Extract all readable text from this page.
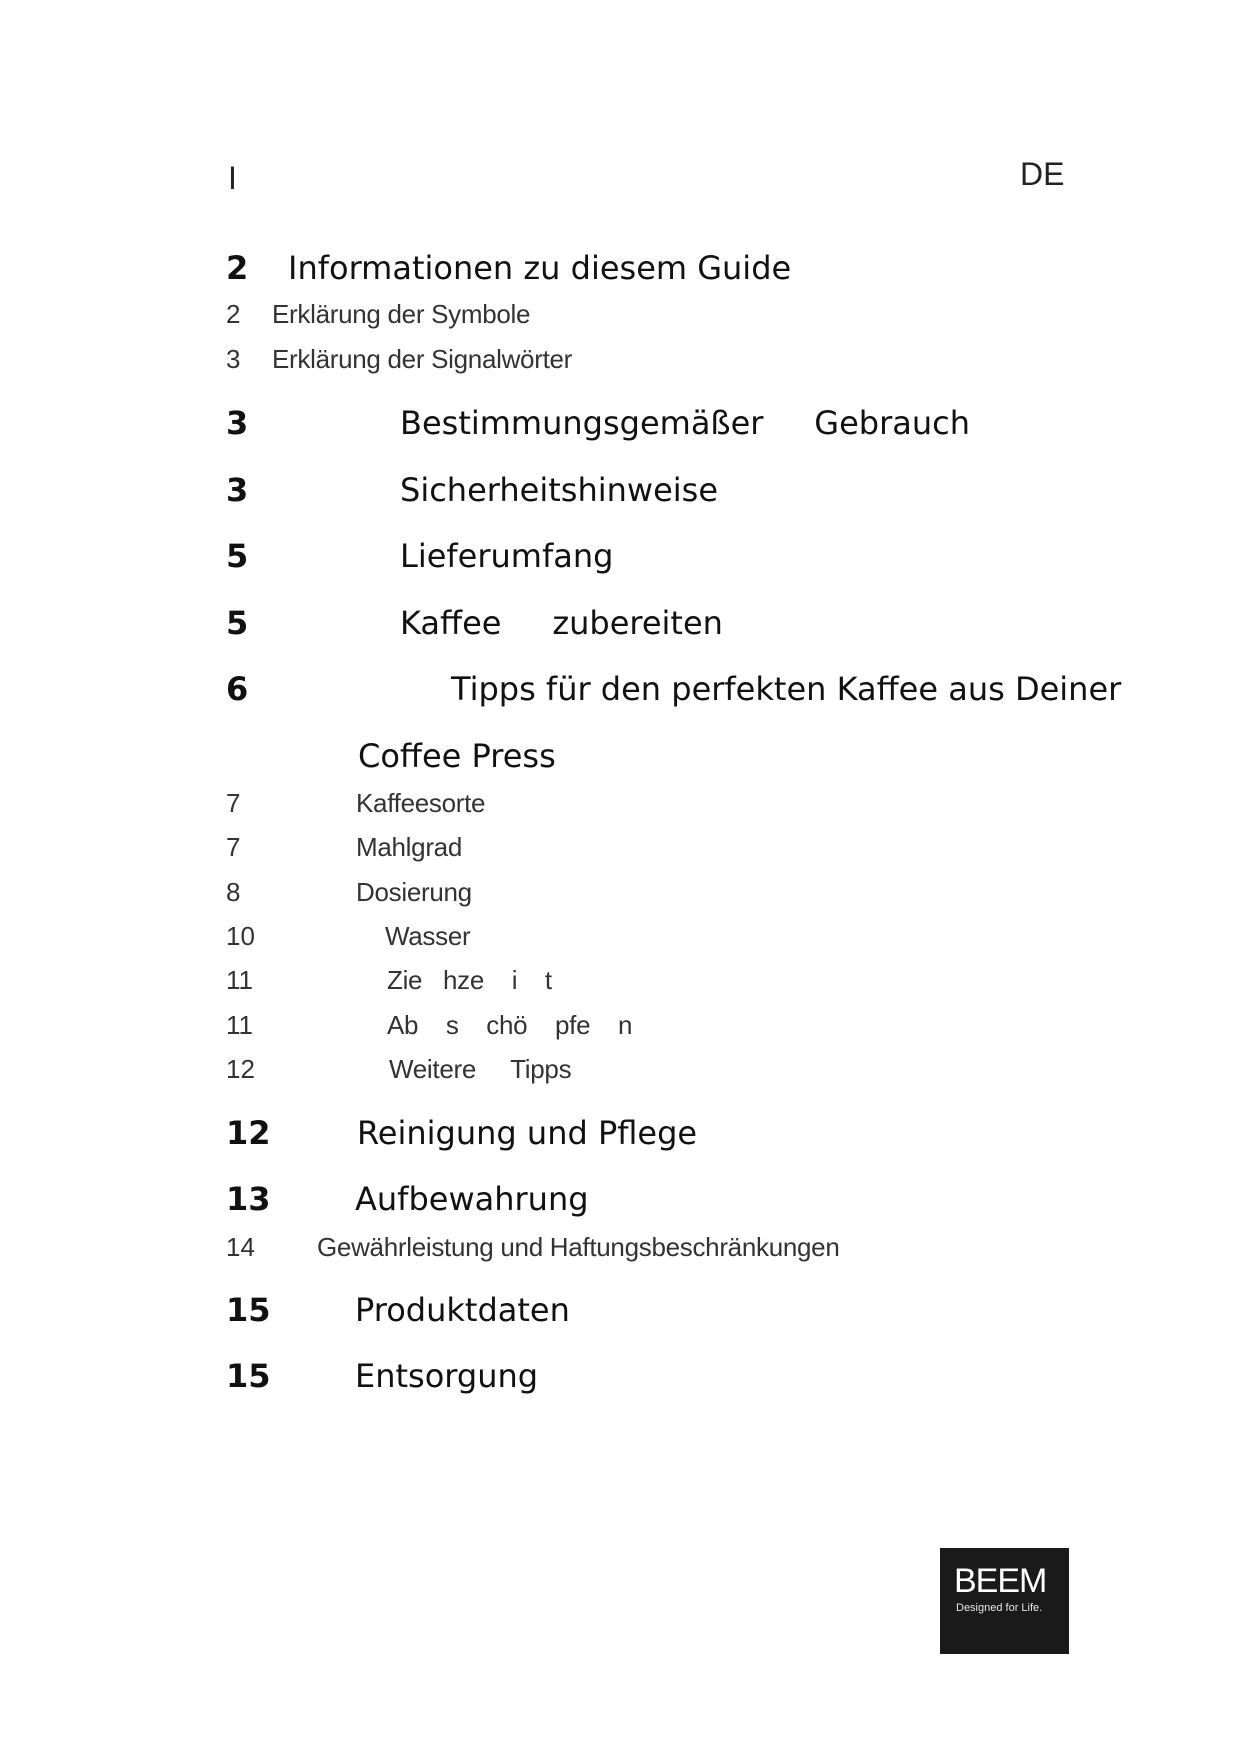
I	DE
2 Informationen zu diesem Guide
2 Erklärung der Symbole
3 Erklärung der Signalwörter
3	Bestimmungsgemäßer     Gebrauch
3	Sicherheitshinweise
5	Lieferumfang
5	Kaffee     zubereiten
6	Tipps für den perfekten Kaffee aus Deiner
Coffee Press
7	Kaffeesorte
7	Mahlgrad
8	Dosierung
10	Wasser
11	Zie   hze    i    t
11	Ab    s    chö    pfe    n
12	Weitere     Tipps
12	Reinigung und Pflege
13	Aufbewahrung
14 Gewährleistung und Haftungsbeschränkungen
15	Produktdaten
15	Entsorgung
BEEM
Designed for Life.
